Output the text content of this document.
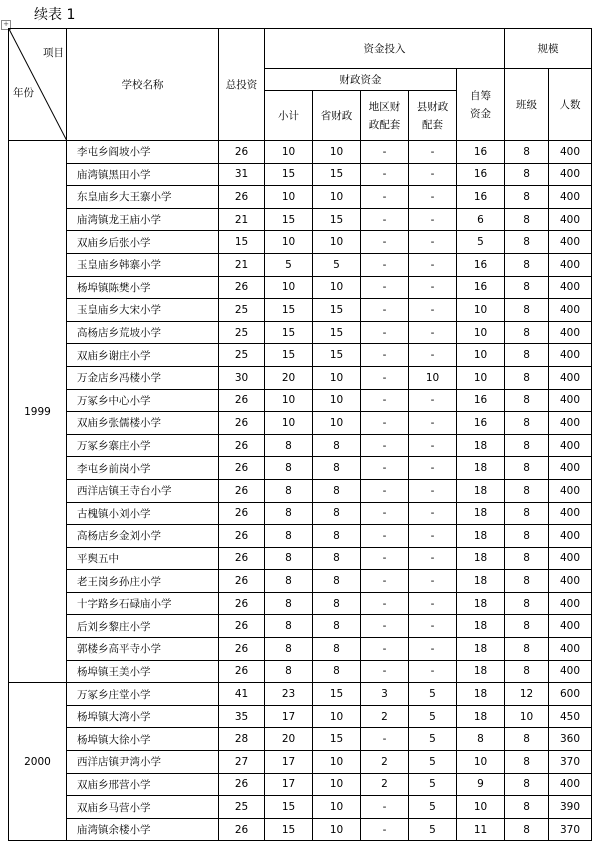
续表 1
+
项目
年份	学校名称	总投资	资金投入					规模	
			财政资金				自筹资金	班级	人数
			小计	省财政	地区财政配套	县财政配套			

1999	李屯乡阎坡小学	26	10	10	-	-	16	8	400
	庙湾镇黑田小学	31	15	15	-	-	16	8	400
	东皇庙乡大王寨小学	26	10	10	-	-	16	8	400
	庙湾镇龙王庙小学	21	15	15	-	-	6	8	400
	双庙乡后张小学	15	10	10	-	-	5	8	400
	玉皇庙乡韩寨小学	21	5	5	-	-	16	8	400
	杨埠镇陈樊小学	26	10	10	-	-	16	8	400
	玉皇庙乡大宋小学	25	15	15	-	-	10	8	400
	高杨店乡荒坡小学	25	15	15	-	-	10	8	400
	双庙乡谢庄小学	25	15	15	-	-	10	8	400
	万金店乡冯楼小学	30	20	10	-	10	10	8	400
	万冢乡中心小学	26	10	10	-	-	16	8	400
	双庙乡张儒楼小学	26	10	10	-	-	16	8	400
	万冢乡寨庄小学	26	8	8	-	-	18	8	400
	李屯乡前岗小学	26	8	8	-	-	18	8	400
	西洋店镇王寺台小学	26	8	8	-	-	18	8	400
	古槐镇小刘小学	26	8	8	-	-	18	8	400
	高杨店乡金刘小学	26	8	8	-	-	18	8	400
	平舆五中	26	8	8	-	-	18	8	400
	老王岗乡孙庄小学	26	8	8	-	-	18	8	400
	十字路乡石碌庙小学	26	8	8	-	-	18	8	400
	后刘乡黎庄小学	26	8	8	-	-	18	8	400
	郭楼乡高平寺小学	26	8	8	-	-	18	8	400
	杨埠镇王美小学	26	8	8	-	-	18	8	400

2000	万冢乡庄堂小学	41	23	15	3	5	18	12	600
	杨埠镇大湾小学	35	17	10	2	5	18	10	450
	杨埠镇大徐小学	28	20	15	-	5	8	8	360
	西洋店镇尹湾小学	27	17	10	2	5	10	8	370
	双庙乡邢营小学	26	17	10	2	5	9	8	400
	双庙乡马营小学	25	15	10	-	5	10	8	390
	庙湾镇余楼小学	26	15	10	-	5	11	8	370
